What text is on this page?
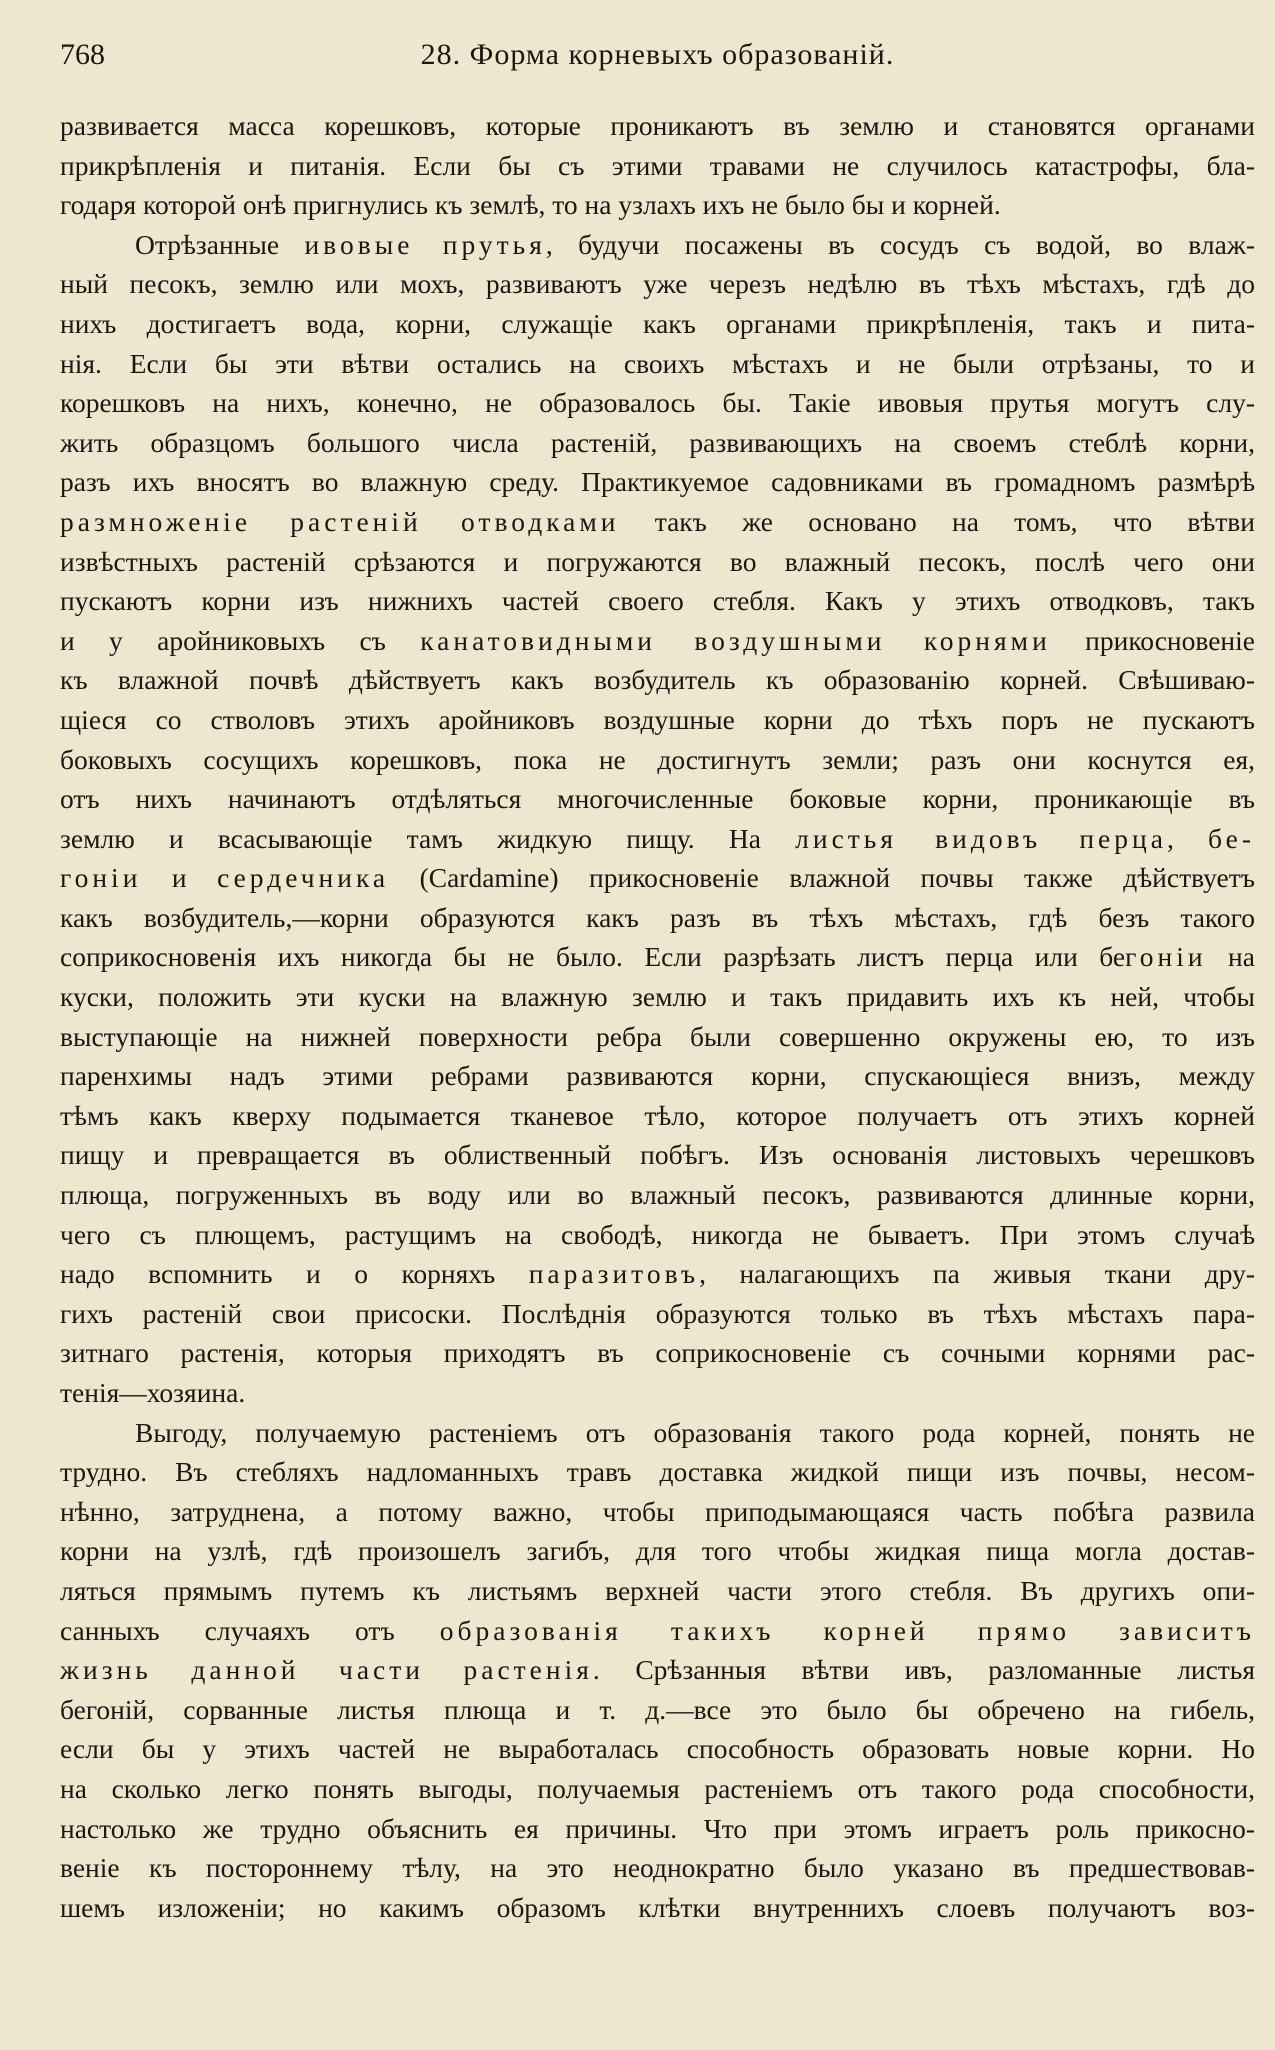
768	28. Форма корневыхъ образованій.
развивается масса корешковъ, которые проникаютъ въ землю и становятся органами
прикрѣпленія и питанія. Если бы съ этими травами не случилось катастрофы, бла-
годаря которой онѣ пригнулись къ землѣ, то на узлахъ ихъ не было бы и корней.
Отрѣзанные ивовые прутья, будучи посажены въ сосудъ съ водой, во влаж-
ный песокъ, землю или мохъ, развиваютъ уже черезъ недѣлю въ тѣхъ мѣстахъ, гдѣ до
нихъ достигаетъ вода, корни, служащіе какъ органами прикрѣпленія, такъ и пита-
нія. Если бы эти вѣтви остались на своихъ мѣстахъ и не были отрѣзаны, то и
корешковъ на нихъ, конечно, не образовалось бы. Такіе ивовыя прутья могутъ слу-
жить образцомъ большого числа растеній, развивающихъ на своемъ стеблѣ корни,
разъ ихъ вносятъ во влажную среду. Практикуемое садовниками въ громадномъ размѣрѣ
размноженіе растеній отводками такъ же основано на томъ, что вѣтви
извѣстныхъ растеній срѣзаются и погружаются во влажный песокъ, послѣ чего они
пускаютъ корни изъ нижнихъ частей своего стебля. Какъ у этихъ отводковъ, такъ
и у аройниковыхъ съ канатовидными воздушными корнями прикосновеніе
къ влажной почвѣ дѣйствуетъ какъ возбудитель къ образованію корней. Свѣшиваю-
щіеся со стволовъ этихъ аройниковъ воздушные корни до тѣхъ поръ не пускаютъ
боковыхъ сосущихъ корешковъ, пока не достигнутъ земли; разъ они коснутся ея,
отъ нихъ начинаютъ отдѣляться многочисленные боковые корни, проникающіе въ
землю и всасывающіе тамъ жидкую пищу. На листья видовъ перца, бе-
гоніи и сердечника (Cardamine) прикосновеніе влажной почвы также дѣйствуетъ
какъ возбудитель,—корни образуются какъ разъ въ тѣхъ мѣстахъ, гдѣ безъ такого
соприкосновенія ихъ никогда бы не было. Если разрѣзать листъ перца или бегоніи на
куски, положить эти куски на влажную землю и такъ придавить ихъ къ ней, чтобы
выступающіе на нижней поверхности ребра были совершенно окружены ею, то изъ
паренхимы надъ этими ребрами развиваются корни, спускающіеся внизъ, между
тѣмъ какъ кверху подымается тканевое тѣло, которое получаетъ отъ этихъ корней
пищу и превращается въ облиственный побѣгъ. Изъ основанія листовыхъ черешковъ
плюща, погруженныхъ въ воду или во влажный песокъ, развиваются длинные корни,
чего съ плющемъ, растущимъ на свободѣ, никогда не бываетъ. При этомъ случаѣ
надо вспомнить и о корняхъ паразитовъ, налагающихъ па живыя ткани дру-
гихъ растеній свои присоски. Послѣднія образуются только въ тѣхъ мѣстахъ пара-
зитнаго растенія, которыя приходятъ въ соприкосновеніе съ сочными корнями рас-
тенія—хозяина.
Выгоду, получаемую растеніемъ отъ образованія такого рода корней, понять не
трудно. Въ стебляхъ надломанныхъ травъ доставка жидкой пищи изъ почвы, несом-
нѣнно, затруднена, а потому важно, чтобы приподымающаяся часть побѣга развила
корни на узлѣ, гдѣ произошелъ загибъ, для того чтобы жидкая пища могла достав-
ляться прямымъ путемъ къ листьямъ верхней части этого стебля. Въ другихъ опи-
санныхъ случаяхъ отъ образованія такихъ корней прямо зависитъ
жизнь данной части растенія. Срѣзанныя вѣтви ивъ, разломанные листья
бегоній, сорванные листья плюща и т. д.—все это было бы обречено на гибель,
если бы у этихъ частей не выработалась способность образовать новые корни. Но
на сколько легко понять выгоды, получаемыя растеніемъ отъ такого рода способности,
настолько же трудно объяснить ея причины. Что при этомъ играетъ роль прикосно-
веніе къ постороннему тѣлу, на это неоднократно было указано въ предшествовав-
шемъ изложеніи; но какимъ образомъ клѣтки внутреннихъ слоевъ получаютъ воз-
